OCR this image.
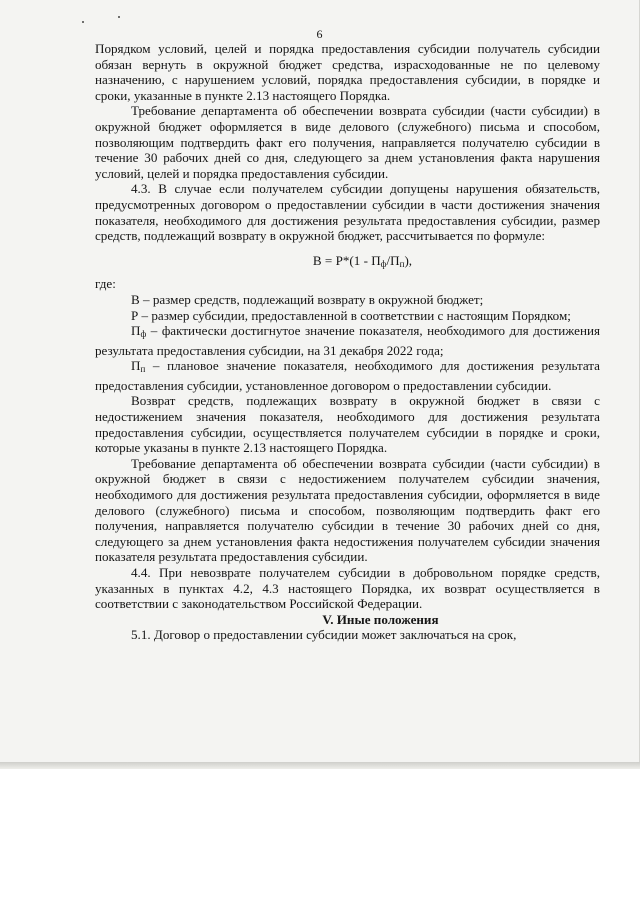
6

Порядком условий, целей и порядка предоставления субсидии получатель субсидии обязан вернуть в окружной бюджет средства, израсходованные не по целевому назначению, с нарушением условий, порядка предоставления субсидии, в порядке и сроки, указанные в пункте 2.13 настоящего Порядка.

Требование департамента об обеспечении возврата субсидии (части субсидии) в окружной бюджет оформляется в виде делового (служебного) письма и способом, позволяющим подтвердить факт его получения, направляется получателю субсидии в течение 30 рабочих дней со дня, следующего за днем установления факта нарушения условий, целей и порядка предоставления субсидии.

4.3. В случае если получателем субсидии допущены нарушения обязательств, предусмотренных договором о предоставлении субсидии в части достижения значения показателя, необходимого для достижения результата предоставления субсидии, размер средств, подлежащий возврату в окружной бюджет, рассчитывается по формуле:

$В = Р*(1 - П_ф/П_п)$,

где:

В – размер средств, подлежащий возврату в окружной бюджет;

Р – размер субсидии, предоставленной в соответствии с настоящим Порядком;

$П_ф$ – фактически достигнутое значение показателя, необходимого для достижения результата предоставления субсидии, на 31 декабря 2022 года;

$П_п$ – плановое значение показателя, необходимого для достижения результата предоставления субсидии, установленное договором о предоставлении субсидии.

Возврат средств, подлежащих возврату в окружной бюджет в связи с недостижением значения показателя, необходимого для достижения результата предоставления субсидии, осуществляется получателем субсидии в порядке и сроки, которые указаны в пункте 2.13 настоящего Порядка.

Требование департамента об обеспечении возврата субсидии (части субсидии) в окружной бюджет в связи с недостижением получателем субсидии значения, необходимого для достижения результата предоставления субсидии, оформляется в виде делового (служебного) письма и способом, позволяющим подтвердить факт его получения, направляется получателю субсидии в течение 30 рабочих дней со дня, следующего за днем установления факта недостижения получателем субсидии значения показателя результата предоставления субсидии.

4.4. При невозврате получателем субсидии в добровольном порядке средств, указанных в пунктах 4.2, 4.3 настоящего Порядка, их возврат осуществляется в соответствии с законодательством Российской Федерации.

V. Иные положения

5.1. Договор о предоставлении субсидии может заключаться на срок,
